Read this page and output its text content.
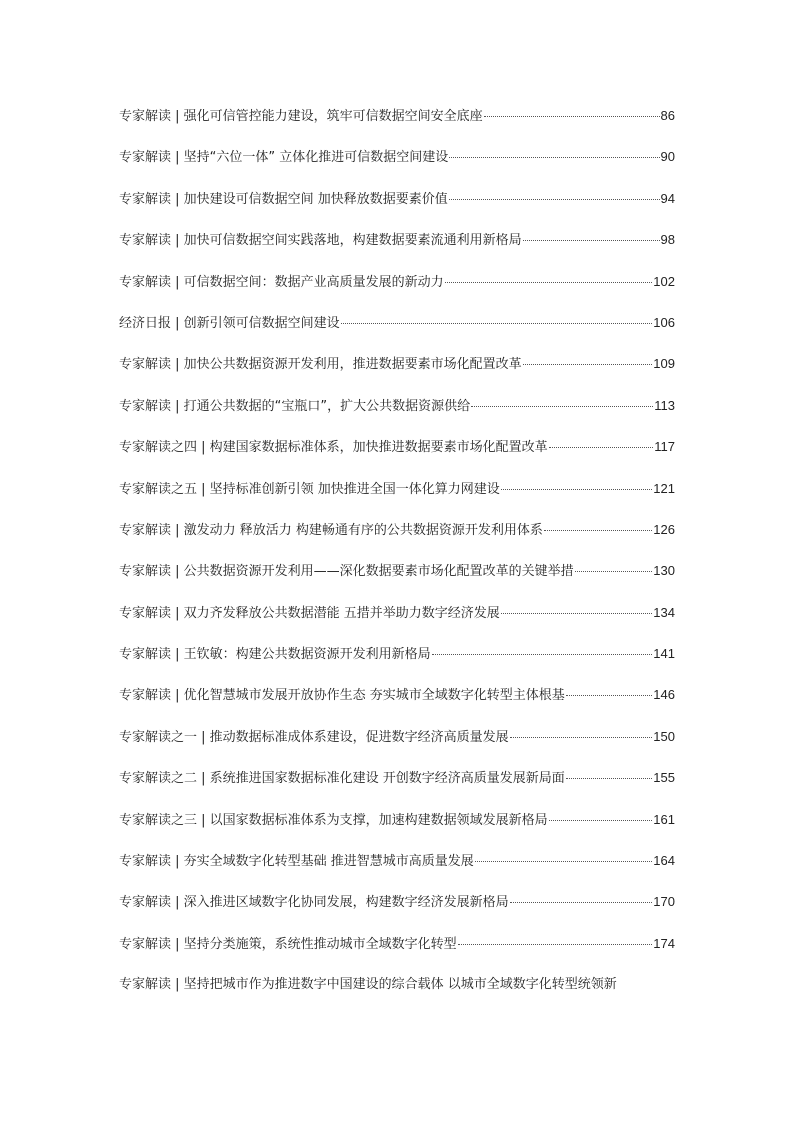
专家解读 | 强化可信管控能力建设，筑牢可信数据空间安全底座	86
专家解读 | 坚持“六位一体” 立体化推进可信数据空间建设	90
专家解读 | 加快建设可信数据空间 加快释放数据要素价值	94
专家解读 | 加快可信数据空间实践落地，构建数据要素流通利用新格局	98
专家解读 | 可信数据空间：数据产业高质量发展的新动力	102
经济日报 | 创新引领可信数据空间建设	106
专家解读 | 加快公共数据资源开发利用，推进数据要素市场化配置改革	109
专家解读 | 打通公共数据的“宝瓶口”，扩大公共数据资源供给	113
专家解读之四 | 构建国家数据标准体系，加快推进数据要素市场化配置改革	117
专家解读之五 | 坚持标准创新引领 加快推进全国一体化算力网建设	121
专家解读 | 激发动力 释放活力 构建畅通有序的公共数据资源开发利用体系	126
专家解读 | 公共数据资源开发利用——深化数据要素市场化配置改革的关键举措	130
专家解读 | 双力齐发释放公共数据潜能 五措并举助力数字经济发展	134
专家解读 | 王钦敏：构建公共数据资源开发利用新格局	141
专家解读 | 优化智慧城市发展开放协作生态 夯实城市全域数字化转型主体根基	146
专家解读之一 | 推动数据标准成体系建设，促进数字经济高质量发展	150
专家解读之二 | 系统推进国家数据标准化建设 开创数字经济高质量发展新局面	155
专家解读之三 | 以国家数据标准体系为支撑，加速构建数据领域发展新格局	161
专家解读 | 夯实全域数字化转型基础 推进智慧城市高质量发展	164
专家解读 | 深入推进区域数字化协同发展，构建数字经济发展新格局	170
专家解读 | 坚持分类施策，系统性推动城市全域数字化转型	174
专家解读 | 坚持把城市作为推进数字中国建设的综合载体 以城市全域数字化转型统领新
